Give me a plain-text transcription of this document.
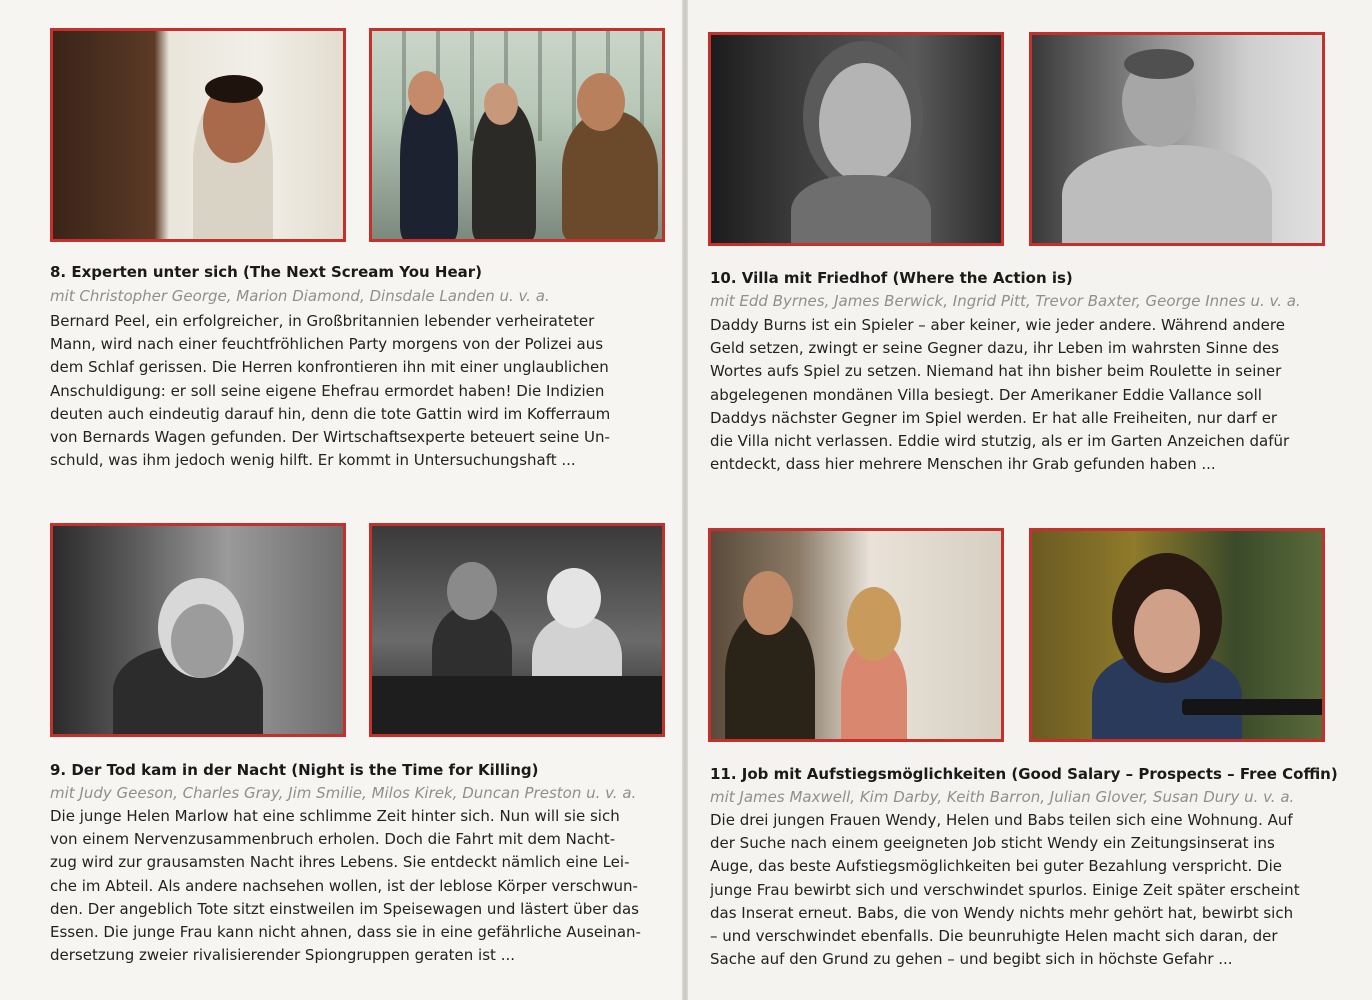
8. Experten unter sich (The Next Scream You Hear)
mit Christopher George, Marion Diamond, Dinsdale Landen u. v. a.
Bernard Peel, ein erfolgreicher, in Großbritannien lebender verheirateter
Mann, wird nach einer feuchtfröhlichen Party morgens von der Polizei aus
dem Schlaf gerissen. Die Herren konfrontieren ihn mit einer unglaublichen
Anschuldigung: er soll seine eigene Ehefrau ermordet haben! Die Indizien
deuten auch eindeutig darauf hin, denn die tote Gattin wird im Kofferraum
von Bernards Wagen gefunden. Der Wirtschaftsexperte beteuert seine Un-
schuld, was ihm jedoch wenig hilft. Er kommt in Untersuchungshaft ...
9. Der Tod kam in der Nacht (Night is the Time for Killing)
mit Judy Geeson, Charles Gray, Jim Smilie, Milos Kirek, Duncan Preston u. v. a.
Die junge Helen Marlow hat eine schlimme Zeit hinter sich. Nun will sie sich
von einem Nervenzusammenbruch erholen. Doch die Fahrt mit dem Nacht-
zug wird zur grausamsten Nacht ihres Lebens. Sie entdeckt nämlich eine Lei-
che im Abteil. Als andere nachsehen wollen, ist der leblose Körper verschwun-
den. Der angeblich Tote sitzt einstweilen im Speisewagen und lästert über das
Essen. Die junge Frau kann nicht ahnen, dass sie in eine gefährliche Auseinan-
dersetzung zweier rivalisierender Spiongruppen geraten ist ...
10. Villa mit Friedhof (Where the Action is)
mit Edd Byrnes, James Berwick, Ingrid Pitt, Trevor Baxter, George Innes u. v. a.
Daddy Burns ist ein Spieler – aber keiner, wie jeder andere. Während andere
Geld setzen, zwingt er seine Gegner dazu, ihr Leben im wahrsten Sinne des
Wortes aufs Spiel zu setzen. Niemand hat ihn bisher beim Roulette in seiner
abgelegenen mondänen Villa besiegt. Der Amerikaner Eddie Vallance soll
Daddys nächster Gegner im Spiel werden. Er hat alle Freiheiten, nur darf er
die Villa nicht verlassen. Eddie wird stutzig, als er im Garten Anzeichen dafür
entdeckt, dass hier mehrere Menschen ihr Grab gefunden haben ...
11. Job mit Aufstiegsmöglichkeiten (Good Salary – Prospects – Free Coffin)
mit James Maxwell, Kim Darby, Keith Barron, Julian Glover, Susan Dury u. v. a.
Die drei jungen Frauen Wendy, Helen und Babs teilen sich eine Wohnung. Auf
der Suche nach einem geeigneten Job sticht Wendy ein Zeitungsinserat ins
Auge, das beste Aufstiegsmöglichkeiten bei guter Bezahlung verspricht. Die
junge Frau bewirbt sich und verschwindet spurlos. Einige Zeit später erscheint
das Inserat erneut. Babs, die von Wendy nichts mehr gehört hat, bewirbt sich
– und verschwindet ebenfalls. Die beunruhigte Helen macht sich daran, der
Sache auf den Grund zu gehen – und begibt sich in höchste Gefahr ...
